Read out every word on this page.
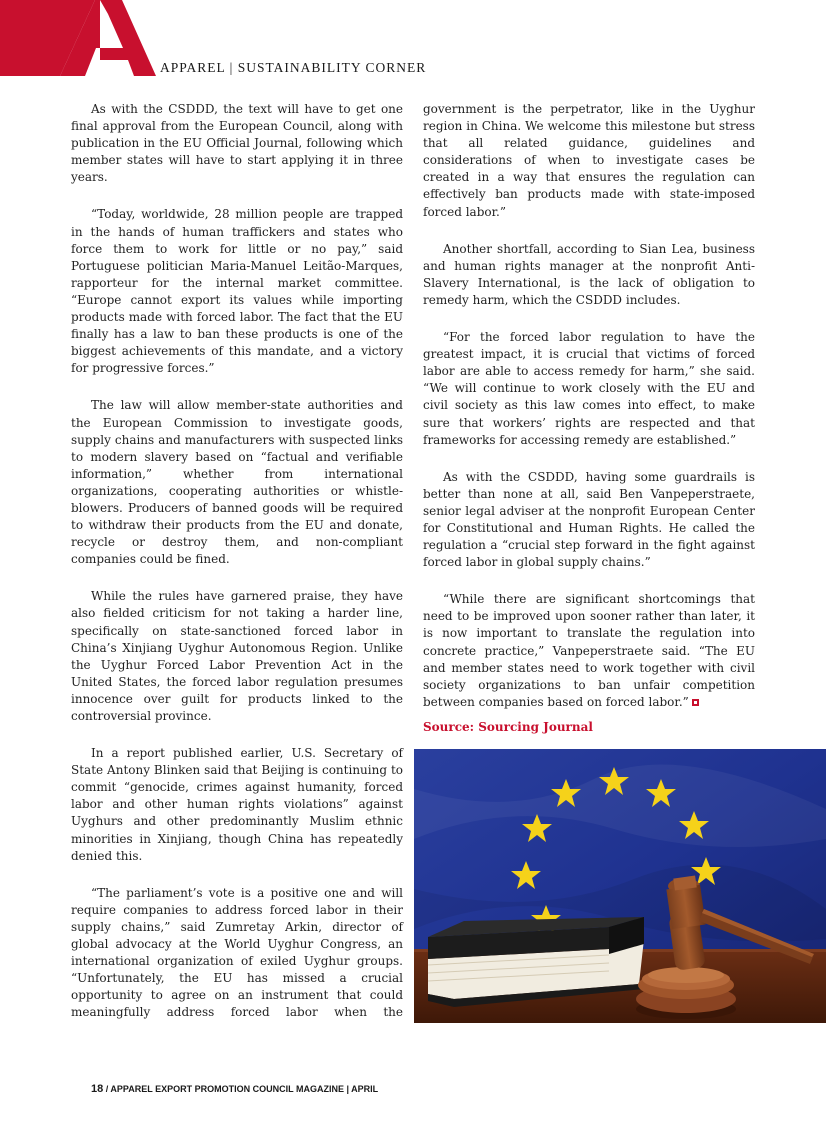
APPAREL | SUSTAINABILITY CORNER

As with the CSDDD, the text will have to get one final approval from the European Council, along with publication in the EU Official Journal, following which member states will have to start applying it in three years.

“Today, worldwide, 28 million people are trapped in the hands of human traffickers and states who force them to work for little or no pay,” said Portuguese politician Maria-Manuel Leitão-Marques, rapporteur for the internal market committee. “Europe cannot export its values while importing products made with forced labor. The fact that the EU finally has a law to ban these products is one of the biggest achievements of this mandate, and a victory for progressive forces.”

The law will allow member-state authorities and the European Commission to investigate goods, supply chains and manufacturers with suspected links to modern slavery based on “factual and verifiable information,” whether from international organizations, cooperating authorities or whistle-blowers. Producers of banned goods will be required to withdraw their products from the EU and donate, recycle or destroy them, and non-compliant companies could be fined.

While the rules have garnered praise, they have also fielded criticism for not taking a harder line, specifically on state-sanctioned forced labor in China’s Xinjiang Uyghur Autonomous Region. Unlike the Uyghur Forced Labor Prevention Act in the United States, the forced labor regulation presumes innocence over guilt for products linked to the controversial province.

In a report published earlier, U.S. Secretary of State Antony Blinken said that Beijing is continuing to commit “genocide, crimes against humanity, forced labor and other human rights violations” against Uyghurs and other predominantly Muslim ethnic minorities in Xinjiang, though China has repeatedly denied this.

“The parliament’s vote is a positive one and will require companies to address forced labor in their supply chains,” said Zumretay Arkin, director of global advocacy at the World Uyghur Congress, an international organization of exiled Uyghur groups. “Unfortunately, the EU has missed a crucial opportunity to agree on an instrument that could meaningfully address forced labor when the

government is the perpetrator, like in the Uyghur region in China. We welcome this milestone but stress that all related guidance, guidelines and considerations of when to investigate cases be created in a way that ensures the regulation can effectively ban products made with state-imposed forced labor.”

Another shortfall, according to Sian Lea, business and human rights manager at the nonprofit Anti-Slavery International, is the lack of obligation to remedy harm, which the CSDDD includes.

“For the forced labor regulation to have the greatest impact, it is crucial that victims of forced labor are able to access remedy for harm,” she said. “We will continue to work closely with the EU and civil society as this law comes into effect, to make sure that workers’ rights are respected and that frameworks for accessing remedy are established.”

As with the CSDDD, having some guardrails is better than none at all, said Ben Vanpeperstraete, senior legal adviser at the nonprofit European Center for Constitutional and Human Rights. He called the regulation a “crucial step forward in the fight against forced labor in global supply chains.”

“While there are significant shortcomings that need to be improved upon sooner rather than later, it is now important to translate the regulation into concrete practice,” Vanpeperstraete said. “The EU and member states need to work together with civil society organizations to ban unfair competition between companies based on forced labor.”

Source: Sourcing Journal
18 / APPAREL EXPORT PROMOTION COUNCIL MAGAZINE | APRIL
